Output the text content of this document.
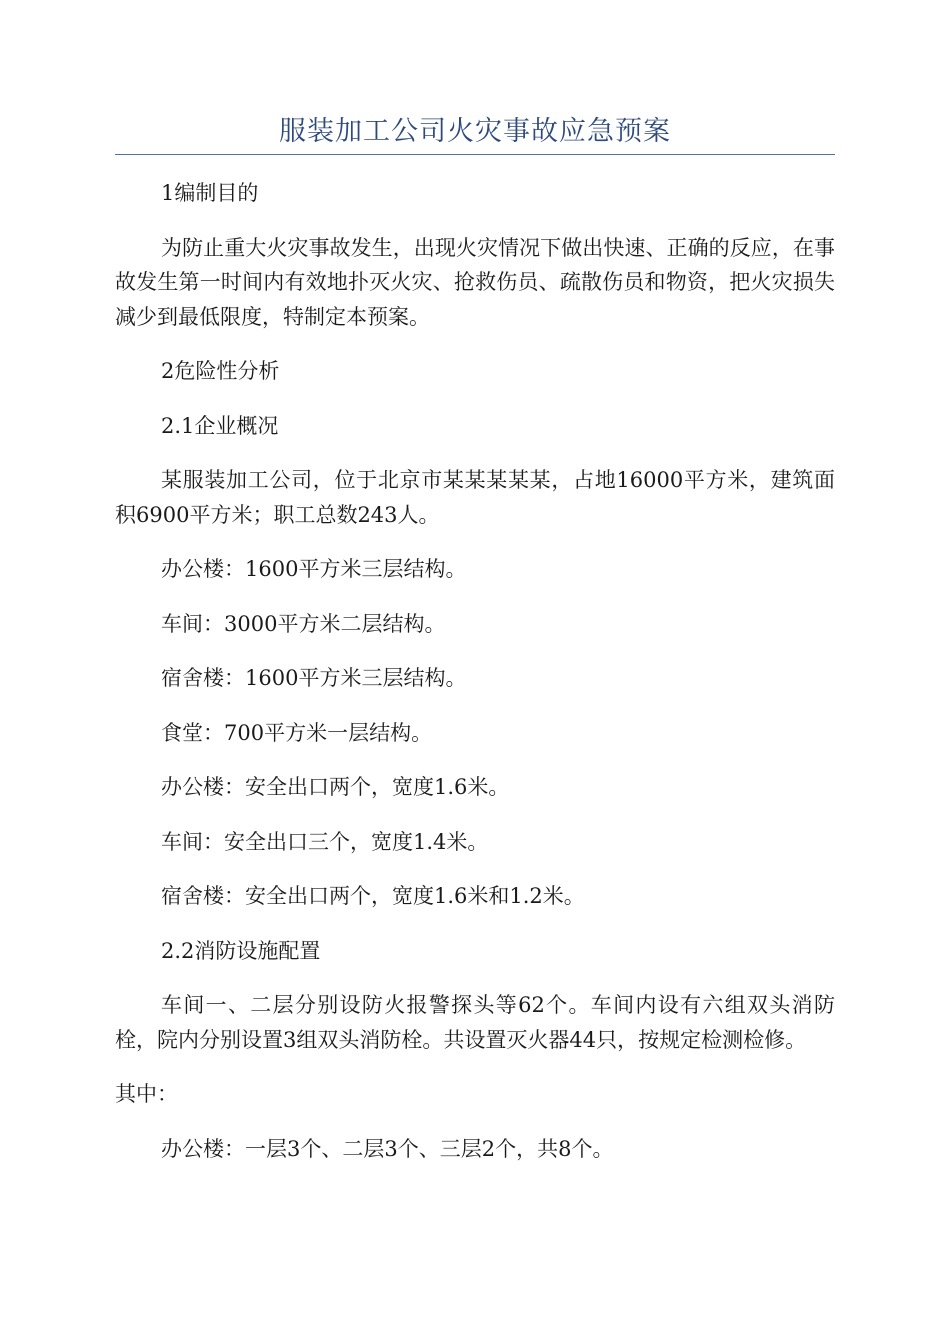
服装加工公司火灾事故应急预案

1编制目的

为防止重大火灾事故发生，出现火灾情况下做出快速、正确的反应，在事故发生第一时间内有效地扑灭火灾、抢救伤员、疏散伤员和物资，把火灾损失减少到最低限度，特制定本预案。

2危险性分析

2.1企业概况

某服装加工公司，位于北京市某某某某某，占地16000平方米，建筑面积6900平方米；职工总数243人。

办公楼：1600平方米三层结构。

车间：3000平方米二层结构。

宿舍楼：1600平方米三层结构。

食堂：700平方米一层结构。

办公楼：安全出口两个，宽度1.6米。

车间：安全出口三个，宽度1.4米。

宿舍楼：安全出口两个，宽度1.6米和1.2米。

2.2消防设施配置

车间一、二层分别设防火报警探头等62个。车间内设有六组双头消防栓，院内分别设置3组双头消防栓。共设置灭火器44只，按规定检测检修。

其中：

办公楼：一层3个、二层3个、三层2个，共8个。
